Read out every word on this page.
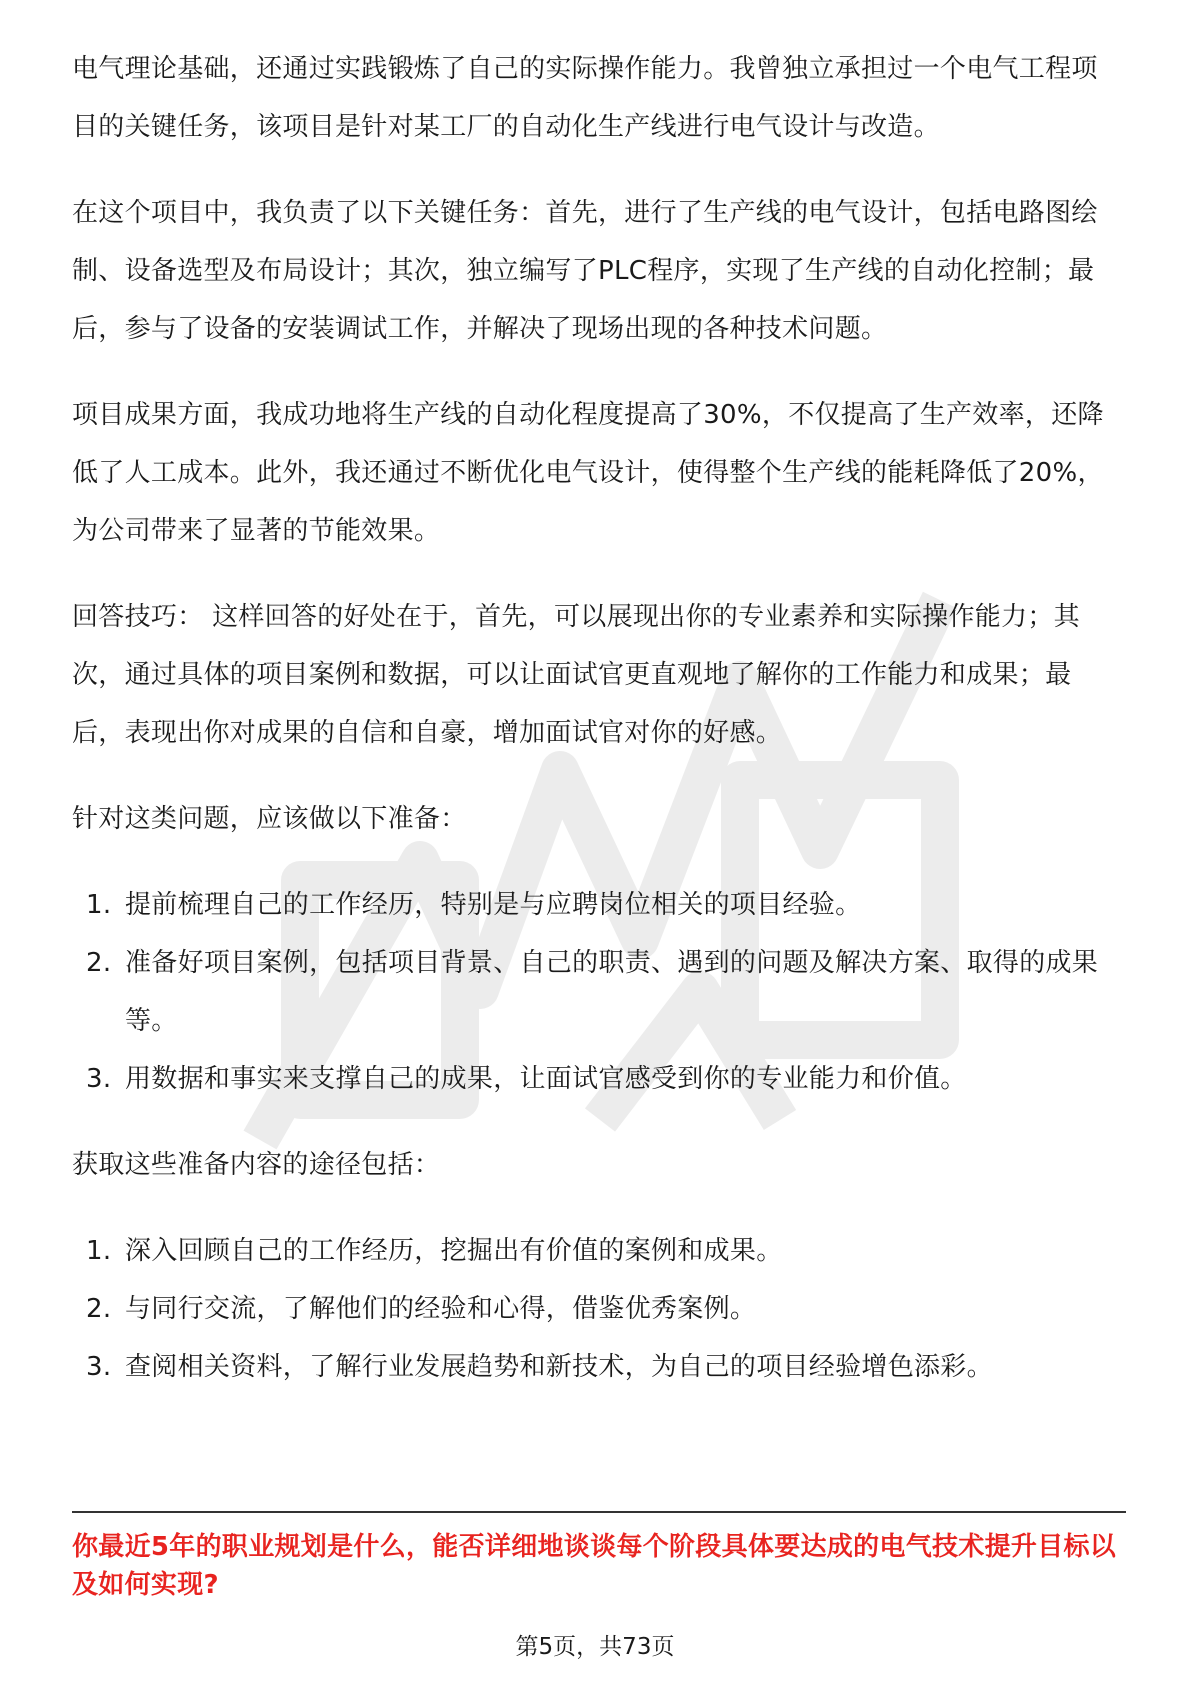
电气理论基础，还通过实践锻炼了自己的实际操作能力。我曾独立承担过一个电气工程项目的关键任务，该项目是针对某工厂的自动化生产线进行电气设计与改造。

在这个项目中，我负责了以下关键任务：首先，进行了生产线的电气设计，包括电路图绘制、设备选型及布局设计；其次，独立编写了PLC程序，实现了生产线的自动化控制；最后，参与了设备的安装调试工作，并解决了现场出现的各种技术问题。

项目成果方面，我成功地将生产线的自动化程度提高了30%，不仅提高了生产效率，还降低了人工成本。此外，我还通过不断优化电气设计，使得整个生产线的能耗降低了20%，为公司带来了显著的节能效果。

回答技巧： 这样回答的好处在于，首先，可以展现出你的专业素养和实际操作能力；其次，通过具体的项目案例和数据，可以让面试官更直观地了解你的工作能力和成果；最后，表现出你对成果的自信和自豪，增加面试官对你的好感。

针对这类问题，应该做以下准备：

1. 提前梳理自己的工作经历，特别是与应聘岗位相关的项目经验。
2. 准备好项目案例，包括项目背景、自己的职责、遇到的问题及解决方案、取得的成果等。
3. 用数据和事实来支撑自己的成果，让面试官感受到你的专业能力和价值。

获取这些准备内容的途径包括：

1. 深入回顾自己的工作经历，挖掘出有价值的案例和成果。
2. 与同行交流，了解他们的经验和心得，借鉴优秀案例。
3. 查阅相关资料，了解行业发展趋势和新技术，为自己的项目经验增色添彩。

你最近5年的职业规划是什么，能否详细地谈谈每个阶段具体要达成的电气技术提升目标以及如何实现?

第5页，共73页
